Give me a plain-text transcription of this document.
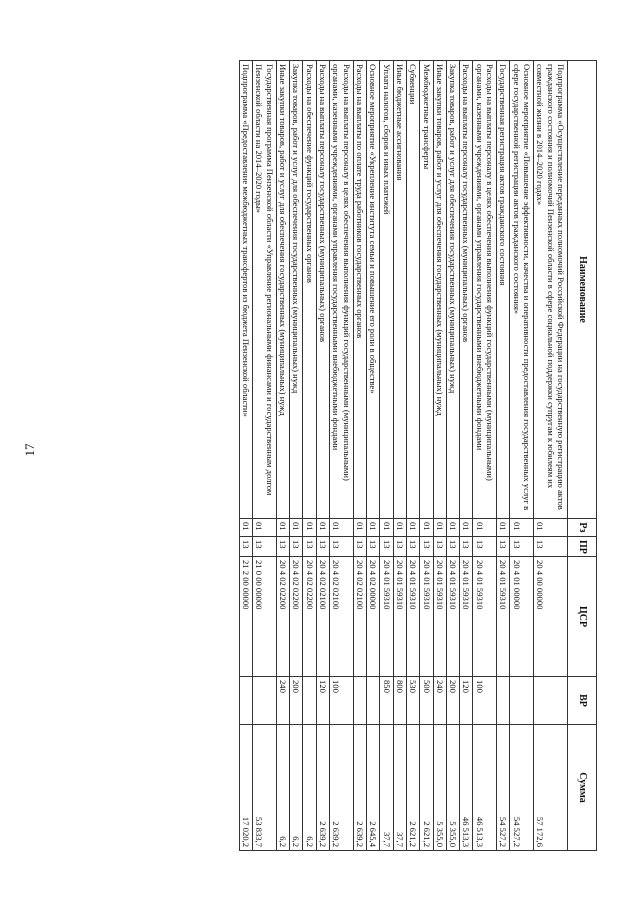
17
Наименование	Рз	ПР	ЦСР	ВР	Сумма
Подпрограмма «Осуществление переданных полномочий Российской Федерации на государственную регистрацию актов гражданского состояния и полномочий Пензенской области в сфере социальной поддержки супругам к юбилеям их совместной жизни в 2014–2020 годах»	01	13	20 4 00 00000		57 172,6
Основное мероприятие «Повышение эффективности, качества и оперативности предоставления государственных услуг в сфере государственной регистрации актов гражданского состояния»	01	13	20 4 01 00000		54 527,2
Государственная регистрация актов гражданского состояния	01	13	20 4 01 59310		54 527,2
Расходы на выплаты персоналу в целях обеспечения выполнения функций государственными (муниципальными) органами, казенными учреждениями, органами управления государственными внебюджетными фондами	01	13	20 4 01 59310	100	46 513,3
Расходы на выплаты персоналу государственных (муниципальных) органов	01	13	20 4 01 59310	120	46 513,3
Закупка товаров, работ и услуг для обеспечения государственных (муниципальных) нужд	01	13	20 4 01 59310	200	5 355,0
Иные закупки товаров, работ и услуг для обеспечения государственных (муниципальных) нужд	01	13	20 4 01 59310	240	5 355,0
Межбюджетные трансферты	01	13	20 4 01 59310	500	2 621,2
Субвенции	01	13	20 4 01 59310	530	2 621,2
Иные бюджетные ассигнования	01	13	20 4 01 59310	800	37,7
Уплата налогов, сборов и иных платежей	01	13	20 4 01 59310	850	37,7
Основное мероприятие «Укрепление института семьи и повышение его роли в обществе»	01	13	20 4 02 00000		2 645,4
Расходы на выплаты по оплате труда работников государственных органов	01	13	20 4 02 02100		2 639,2
Расходы на выплаты персоналу в целях обеспечения выполнения функций государственными (муниципальными) органами, казенными учреждениями, органами управления государственными внебюджетными фондами	01	13	20 4 02 02100	100	2 639,2
Расходы на выплаты персоналу государственных (муниципальных) органов	01	13	20 4 02 02100	120	2 639,2
Расходы на обеспечение функций государственных органов	01	13	20 4 02 02200		6,2
Закупка товаров, работ и услуг для обеспечения государственных (муниципальных) нужд	01	13	20 4 02 02200	200	6,2
Иные закупки товаров, работ и услуг для обеспечения государственных (муниципальных) нужд	01	13	20 4 02 02200	240	6,2
Государственная программа Пензенской области «Управление региональными финансами и государственным долгом Пензенской области на 2014–2020 годы»	01	13	21 0 00 00000		53 833,7
Подпрограмма «Предоставление межбюджетных трансфертов из бюджета Пензенской области»	01	13	21 2 00 00000		17 020,2
